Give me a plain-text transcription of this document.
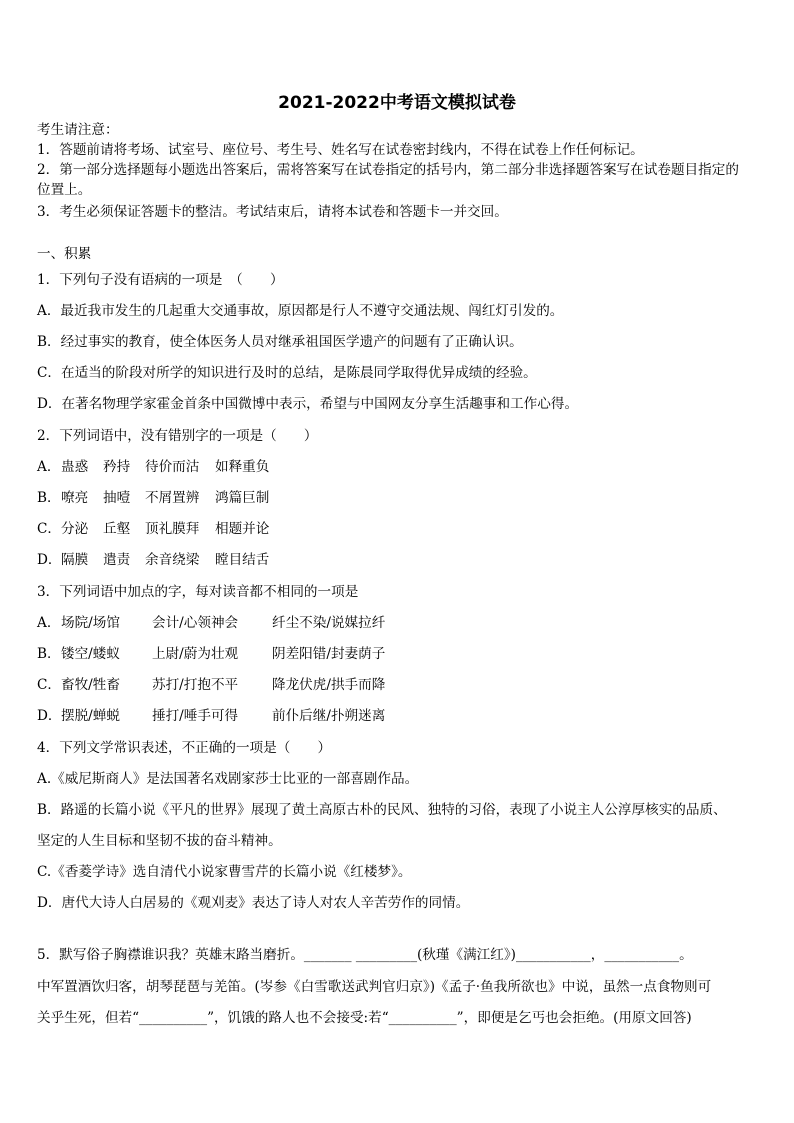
2021-2022中考语文模拟试卷
考生请注意：
1．答题前请将考场、试室号、座位号、考生号、姓名写在试卷密封线内，不得在试卷上作任何标记。
2．第一部分选择题每小题选出答案后，需将答案写在试卷指定的括号内，第二部分非选择题答案写在试卷题目指定的
位置上。
3．考生必须保证答题卡的整洁。考试结束后，请将本试卷和答题卡一并交回。
一、积累
1．下列句子没有语病的一项是　（　　）
A．最近我市发生的几起重大交通事故，原因都是行人不遵守交通法规、闯红灯引发的。
B．经过事实的教育，使全体医务人员对继承祖国医学遗产的问题有了正确认识。
C．在适当的阶段对所学的知识进行及时的总结，是陈晨同学取得优异成绩的经验。
D．在著名物理学家霍金首条中国微博中表示，希望与中国网友分享生活趣事和工作心得。
2．下列词语中，没有错别字的一项是（　　）
A． 蛊惑 矜持 待价而沽 如释重负
B． 嘹亮 抽噎 不屑置辨 鸿篇巨制
C． 分泌 丘壑 顶礼膜拜 相题并论
D． 隔膜 遣责 余音绕梁 瞠目结舌
3．下列词语中加点的字，每对读音都不相同的一项是
A． 场院/场馆 会计/心领神会 纤尘不染/说媒拉纤
B． 镂空/蝼蚁 上尉/蔚为壮观 阴差阳错/封妻荫子
C． 畜牧/牲畜 苏打/打抱不平 降龙伏虎/拱手而降
D． 摆脱/蝉蜕 捶打/唾手可得 前仆后继/扑朔迷离
4．下列文学常识表述，不正确的一项是（　　）
A.《威尼斯商人》是法国著名戏剧家莎士比亚的一部喜剧作品。
B．路遥的长篇小说《平凡的世界》展现了黄土高原古朴的民风、独特的习俗，表现了小说主人公淳厚核实的品质、
坚定的人生目标和坚韧不拔的奋斗精神。
C.《香菱学诗》选自清代小说家曹雪芹的长篇小说《红楼梦》。
D．唐代大诗人白居易的《观刈麦》表达了诗人对农人辛苦劳作的同情。
5．默写俗子胸襟谁识我？英雄末路当磨折。_______ _________(秋瑾《满江红》)___________，___________。
中军置酒饮归客，胡琴琵琶与羌笛。(岑参《白雪歌送武判官归京》)《孟子·鱼我所欲也》中说，虽然一点食物则可
关乎生死，但若“__________”，饥饿的路人也不会接受:若“__________”，即便是乞丐也会拒绝。(用原文回答)
